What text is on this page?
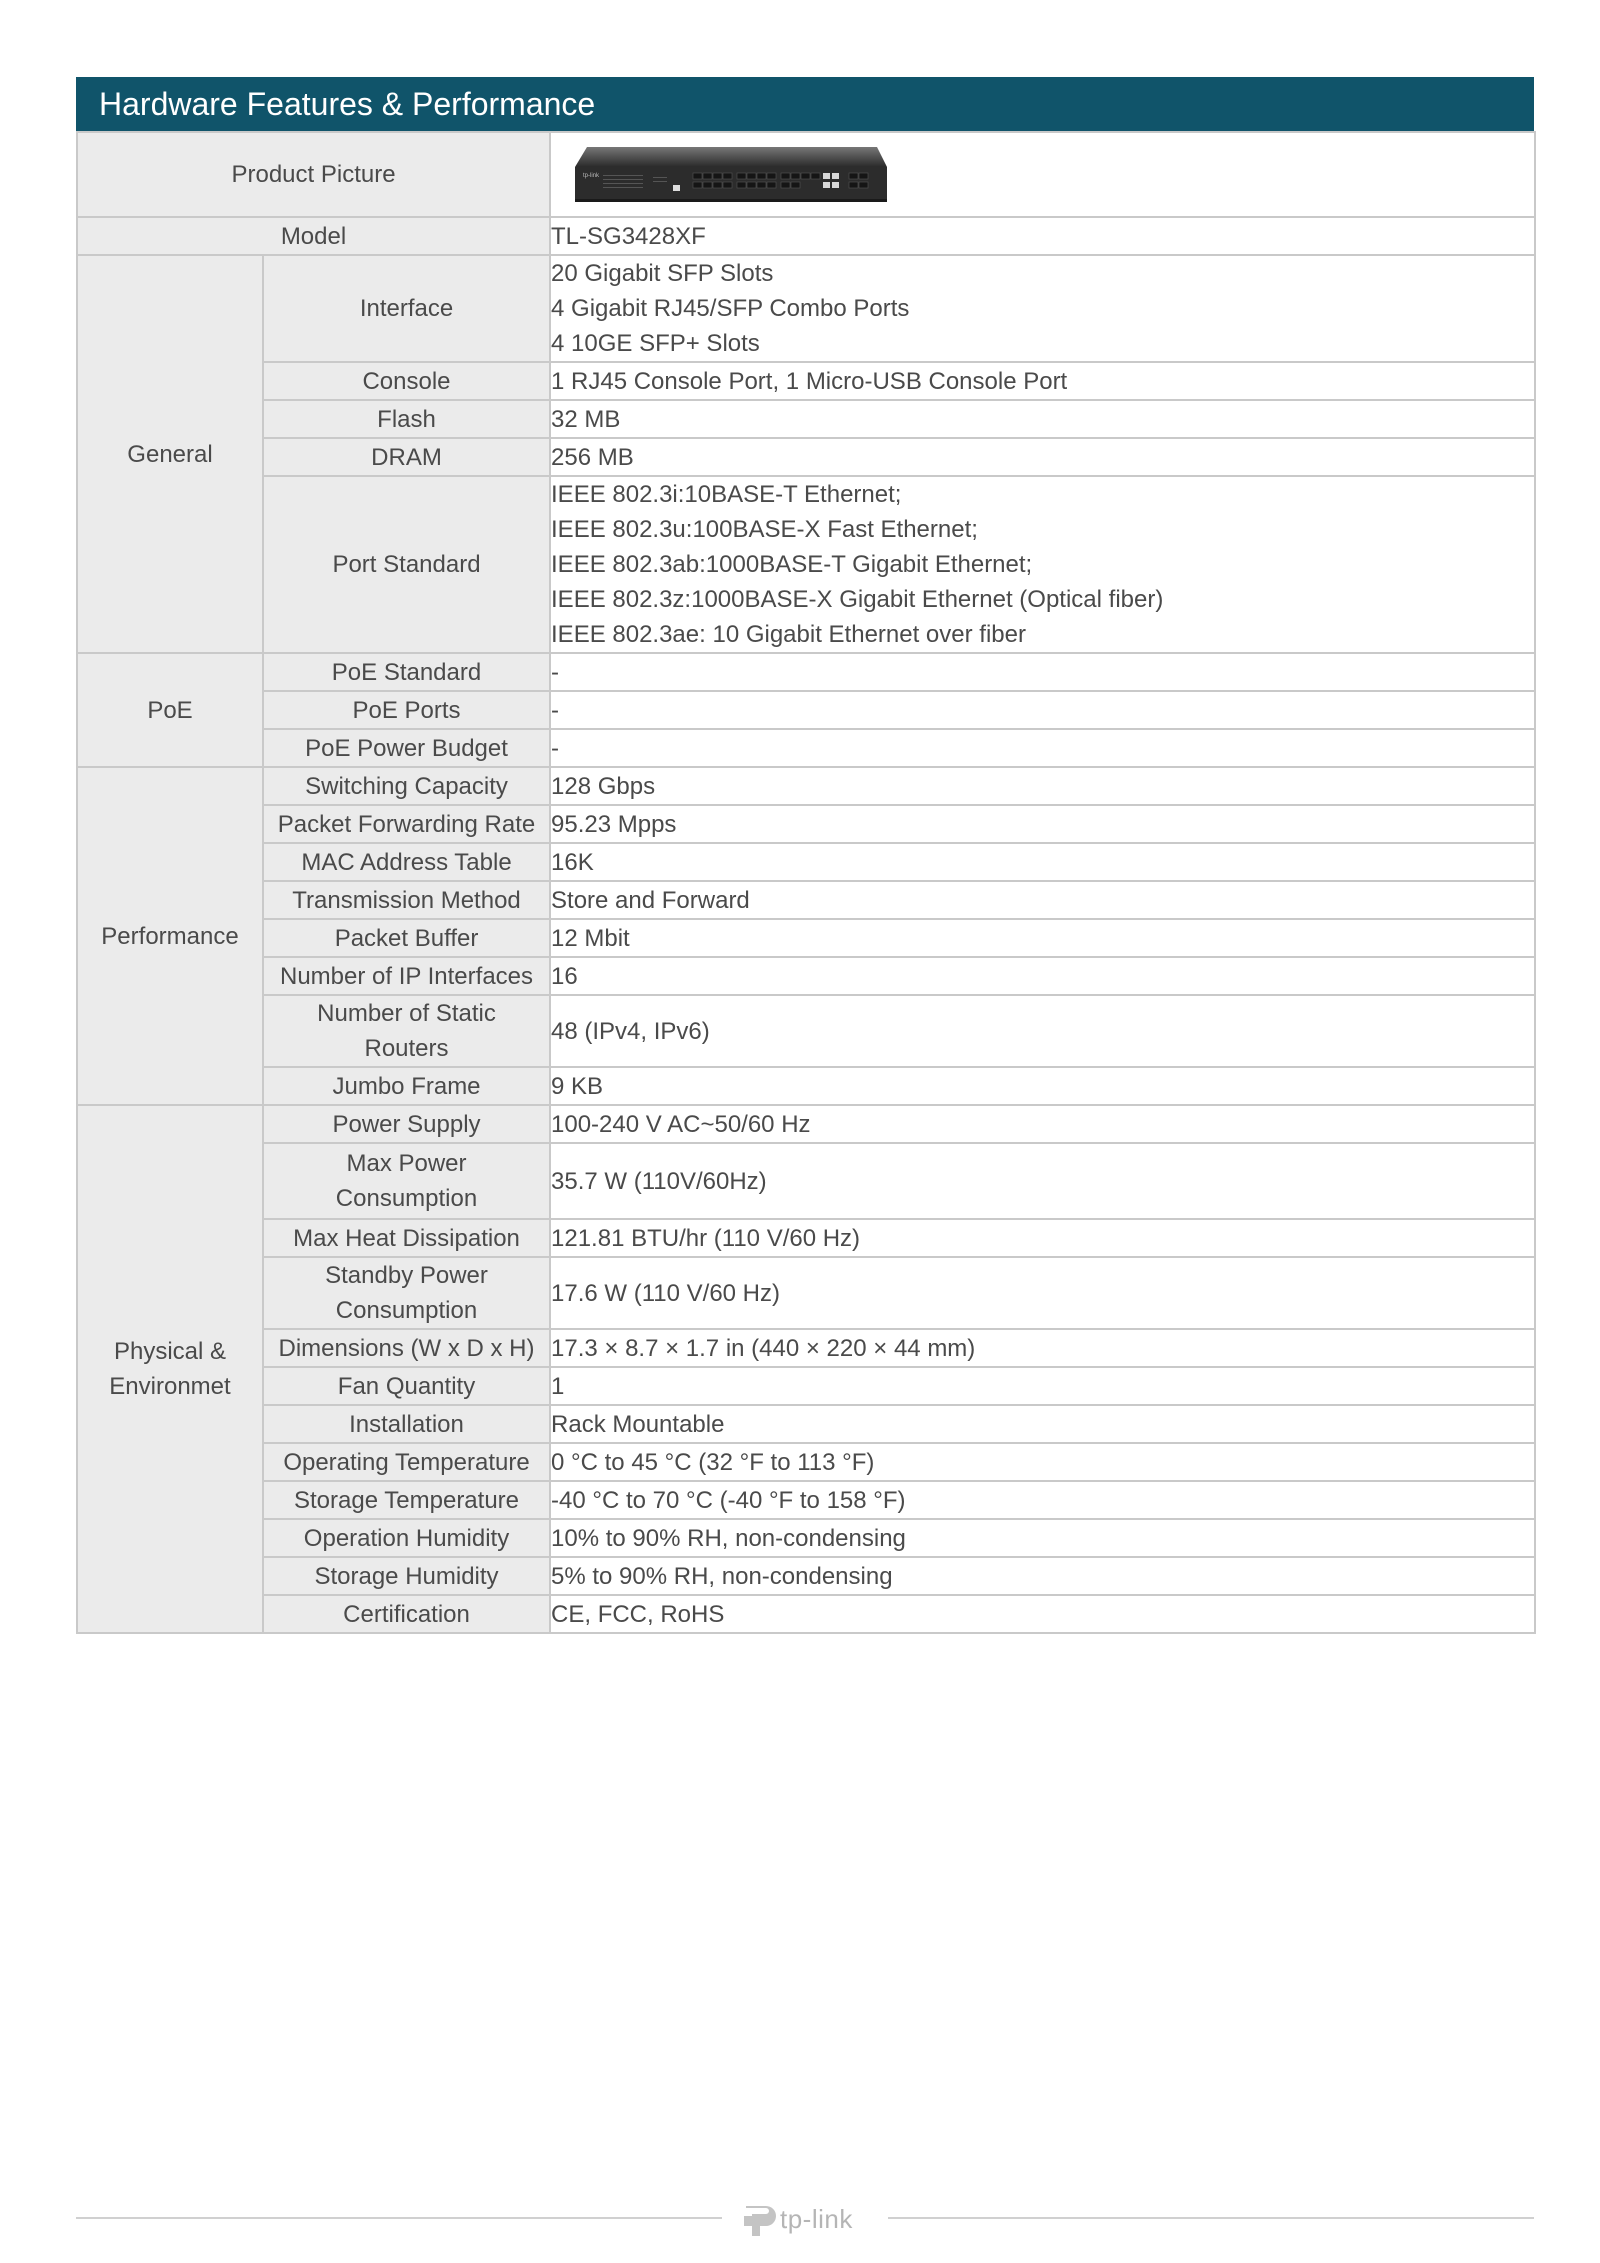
Hardware Features & Performance
Product Picture		tp-link

Model		TL-SG3428XF
General	Interface	20 Gigabit SFP Slots
4 Gigabit RJ45/SFP Combo Ports
4 10GE SFP+ Slots

	Console	1 RJ45 Console Port, 1 Micro-USB Console Port
	Flash	32 MB
	DRAM	256 MB
	Port Standard	IEEE 802.3i:10BASE-T Ethernet;
IEEE 802.3u:100BASE-X Fast Ethernet;
IEEE 802.3ab:1000BASE-T Gigabit Ethernet;
IEEE 802.3z:1000BASE-X Gigabit Ethernet (Optical fiber)
IEEE 802.3ae: 10 Gigabit Ethernet over fiber

PoE	PoE Standard	-
	PoE Ports	-
	PoE Power Budget	-
Performance	Switching Capacity	128 Gbps
	Packet Forwarding Rate	95.23 Mpps
	MAC Address Table	16K
	Transmission Method	Store and Forward
	Packet Buffer	12 Mbit
	Number of IP Interfaces	16

	Number of Static
Routers	48 (IPv4, IPv6)
	Jumbo Frame	9 KB

Physical &
Environmet	Power Supply	100-240 V AC~50/60 Hz

	Max Power
Consumption	35.7 W (110V/60Hz)
	Max Heat Dissipation	121.81 BTU/hr (110 V/60 Hz)

	Standby Power
Consumption	17.6 W (110 V/60 Hz)
	Dimensions (W x D x H)	17.3 × 8.7 × 1.7 in (440 × 220 × 44 mm)
	Fan Quantity	1
	Installation	Rack Mountable
	Operating Temperature	0 °C to 45 °C (32 °F to 113 °F)
	Storage Temperature	-40 °C to 70 °C (-40 °F to 158 °F)
	Operation Humidity	10% to 90% RH, non-condensing
	Storage Humidity	5% to 90% RH, non-condensing
	Certification	CE, FCC, RoHS
tp-link
